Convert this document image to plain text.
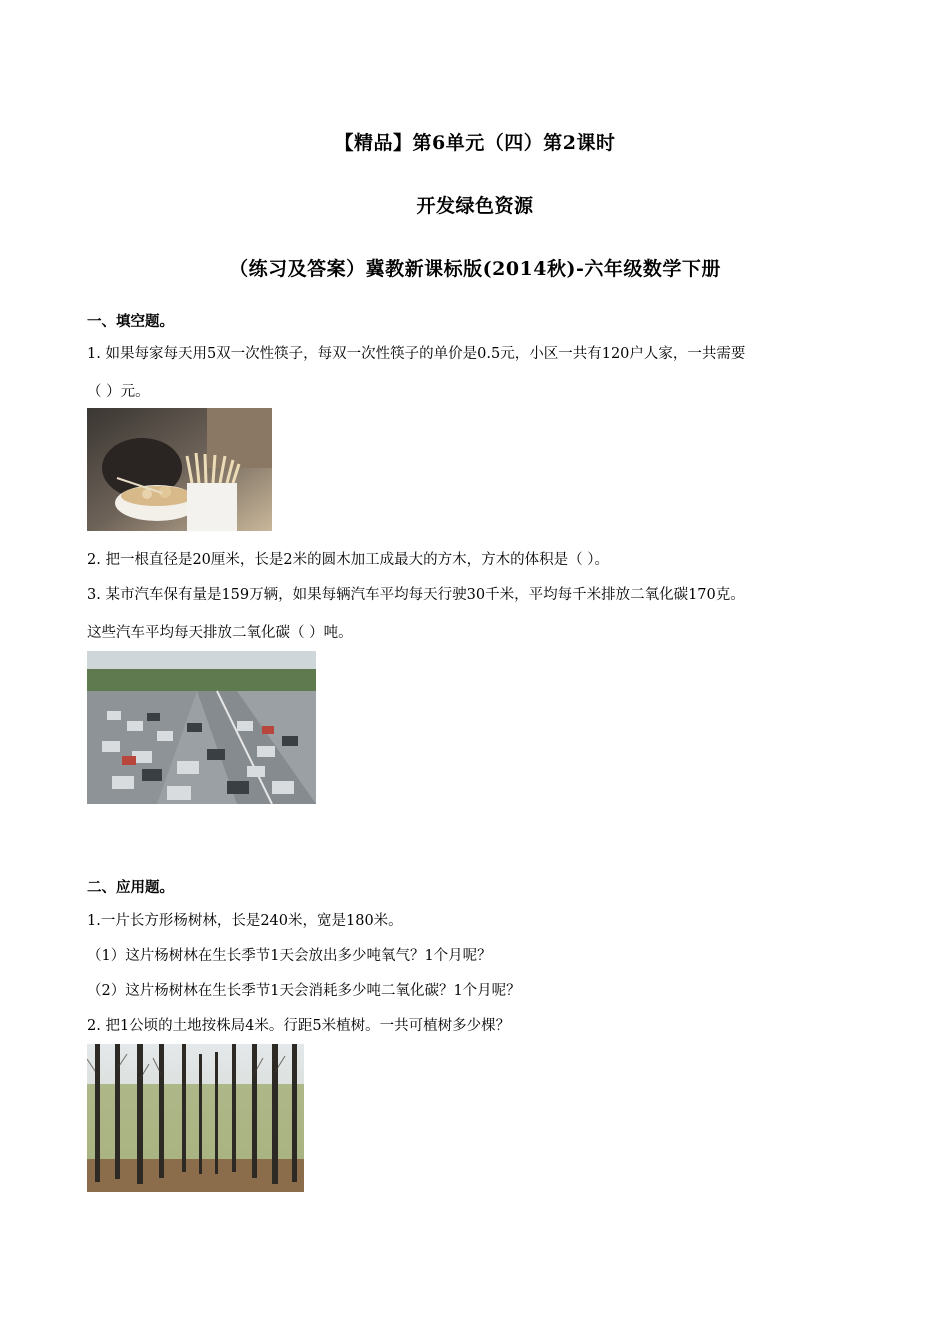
【精品】第6单元（四）第2课时
开发绿色资源
（练习及答案）冀教新课标版(2014秋)-六年级数学下册
一、填空题。
1. 如果每家每天用5双一次性筷子，每双一次性筷子的单价是0.5元，小区一共有120户人家，一共需要
（ ）元。
2. 把一根直径是20厘米，长是2米的圆木加工成最大的方木，方木的体积是（ ）。
3. 某市汽车保有量是159万辆，如果每辆汽车平均每天行驶30千米，平均每千米排放二氧化碳170克。
这些汽车平均每天排放二氧化碳（ ）吨。
二、应用题。
1.一片长方形杨树林，长是240米，宽是180米。
（1）这片杨树林在生长季节1天会放出多少吨氧气？1个月呢？
（2）这片杨树林在生长季节1天会消耗多少吨二氧化碳？1个月呢？
2. 把1公顷的土地按株局4米。行距5米植树。一共可植树多少棵？
